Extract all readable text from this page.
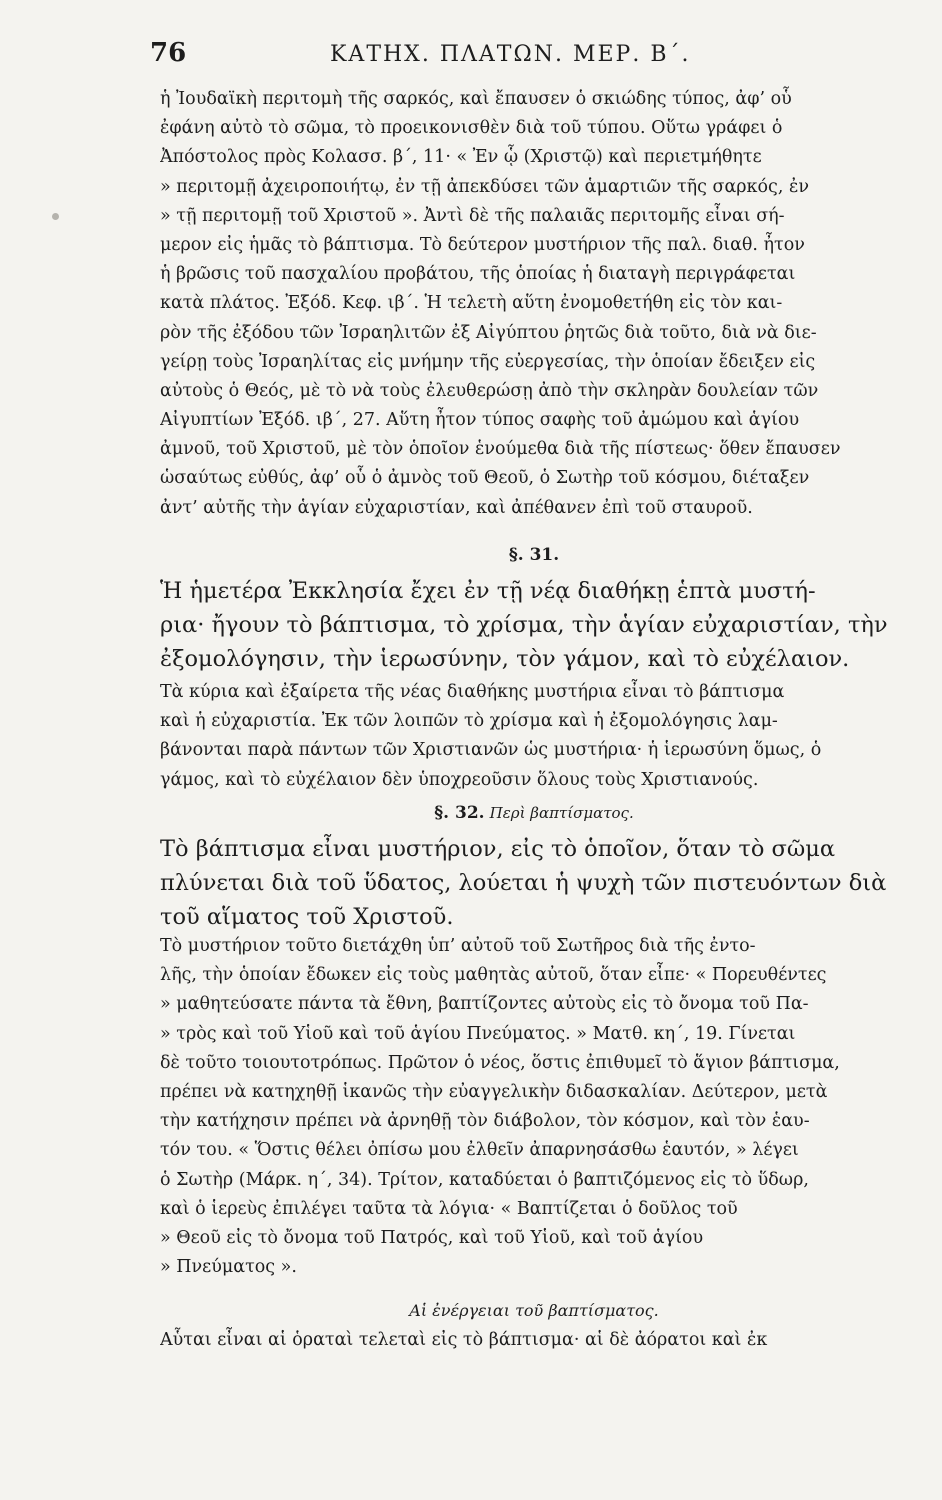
76	ΚΑΤΗΧ. ΠΛΑΤΩΝ. ΜΕΡ. Β΄.
ἡ Ἰουδαϊκὴ περιτομὴ τῆς σαρκός, καὶ ἔπαυσεν ὁ σκιώδης τύπος, ἀφ’ οὗ
ἐφάνη αὐτὸ τὸ σῶμα, τὸ προεικονισθὲν διὰ τοῦ τύπου. Οὕτω γράφει ὁ
Ἀπόστολος πρὸς Κολασσ. β΄, 11· « Ἐν ᾧ (Χριστῷ) καὶ περιετμήθητε
» περιτομῇ ἀχειροποιήτῳ, ἐν τῇ ἀπεκδύσει τῶν ἁμαρτιῶν τῆς σαρκός, ἐν
» τῇ περιτομῇ τοῦ Χριστοῦ ». Ἀντὶ δὲ τῆς παλαιᾶς περιτομῆς εἶναι σή-
μερον εἰς ἡμᾶς τὸ βάπτισμα. Τὸ δεύτερον μυστήριον τῆς παλ. διαθ. ἦτον
ἡ βρῶσις τοῦ πασχαλίου προβάτου, τῆς ὁποίας ἡ διαταγὴ περιγράφεται
κατὰ πλάτος. Ἐξόδ. Κεφ. ιβ΄. Ἡ τελετὴ αὕτη ἐνομοθετήθη εἰς τὸν και-
ρὸν τῆς ἐξόδου τῶν Ἰσραηλιτῶν ἐξ Αἰγύπτου ῥητῶς διὰ τοῦτο, διὰ νὰ διε-
γείρῃ τοὺς Ἰσραηλίτας εἰς μνήμην τῆς εὐεργεσίας, τὴν ὁποίαν ἔδειξεν εἰς
αὐτοὺς ὁ Θεός, μὲ τὸ νὰ τοὺς ἐλευθερώσῃ ἀπὸ τὴν σκληρὰν δουλείαν τῶν
Αἰγυπτίων Ἐξόδ. ιβ΄, 27. Αὕτη ἦτον τύπος σαφὴς τοῦ ἀμώμου καὶ ἁγίου
ἀμνοῦ, τοῦ Χριστοῦ, μὲ τὸν ὁποῖον ἑνούμεθα διὰ τῆς πίστεως· ὅθεν ἔπαυσεν
ὡσαύτως εὐθύς, ἀφ’ οὗ ὁ ἀμνὸς τοῦ Θεοῦ, ὁ Σωτὴρ τοῦ κόσμου, διέταξεν
ἀντ’ αὐτῆς τὴν ἁγίαν εὐχαριστίαν, καὶ ἀπέθανεν ἐπὶ τοῦ σταυροῦ.
§. 31.
Ἡ ἡμετέρα Ἐκκλησία ἔχει ἐν τῇ νέᾳ διαθήκῃ ἑπτὰ μυστή-
ρια· ἤγουν τὸ βάπτισμα, τὸ χρίσμα, τὴν ἁγίαν εὐχαριστίαν, τὴν
ἐξομολόγησιν, τὴν ἱερωσύνην, τὸν γάμον, καὶ τὸ εὐχέλαιον.
Τὰ κύρια καὶ ἐξαίρετα τῆς νέας διαθήκης μυστήρια εἶναι τὸ βάπτισμα
καὶ ἡ εὐχαριστία. Ἐκ τῶν λοιπῶν τὸ χρίσμα καὶ ἡ ἐξομολόγησις λαμ-
βάνονται παρὰ πάντων τῶν Χριστιανῶν ὡς μυστήρια· ἡ ἱερωσύνη ὅμως, ὁ
γάμος, καὶ τὸ εὐχέλαιον δὲν ὑποχρεοῦσιν ὅλους τοὺς Χριστιανούς.
§. 32. Περὶ βαπτίσματος.
Τὸ βάπτισμα εἶναι μυστήριον, εἰς τὸ ὁποῖον, ὅταν τὸ σῶμα
πλύνεται διὰ τοῦ ὕδατος, λούεται ἡ ψυχὴ τῶν πιστευόντων διὰ
τοῦ αἵματος τοῦ Χριστοῦ.
Τὸ μυστήριον τοῦτο διετάχθη ὑπ’ αὐτοῦ τοῦ Σωτῆρος διὰ τῆς ἐντο-
λῆς, τὴν ὁποίαν ἔδωκεν εἰς τοὺς μαθητὰς αὐτοῦ, ὅταν εἶπε· « Πορευθέντες
» μαθητεύσατε πάντα τὰ ἔθνη, βαπτίζοντες αὐτοὺς εἰς τὸ ὄνομα τοῦ Πα-
» τρὸς καὶ τοῦ Υἱοῦ καὶ τοῦ ἁγίου Πνεύματος. » Ματθ. κη΄, 19. Γίνεται
δὲ τοῦτο τοιουτοτρόπως. Πρῶτον ὁ νέος, ὅστις ἐπιθυμεῖ τὸ ἅγιον βάπτισμα,
πρέπει νὰ κατηχηθῇ ἱκανῶς τὴν εὐαγγελικὴν διδασκαλίαν. Δεύτερον, μετὰ
τὴν κατήχησιν πρέπει νὰ ἀρνηθῇ τὸν διάβολον, τὸν κόσμον, καὶ τὸν ἑαυ-
τόν του. « Ὅστις θέλει ὀπίσω μου ἐλθεῖν ἀπαρνησάσθω ἑαυτόν, » λέγει
ὁ Σωτὴρ (Μάρκ. η΄, 34). Τρίτον, καταδύεται ὁ βαπτιζόμενος εἰς τὸ ὕδωρ,
καὶ ὁ ἱερεὺς ἐπιλέγει ταῦτα τὰ λόγια· « Βαπτίζεται ὁ δοῦλος τοῦ
» Θεοῦ εἰς τὸ ὄνομα τοῦ Πατρός, καὶ τοῦ Υἱοῦ, καὶ τοῦ ἁγίου
» Πνεύματος ».
Αἱ ἐνέργειαι τοῦ βαπτίσματος.
Αὗται εἶναι αἱ ὁραταὶ τελεταὶ εἰς τὸ βάπτισμα· αἱ δὲ ἀόρατοι καὶ ἐκ
